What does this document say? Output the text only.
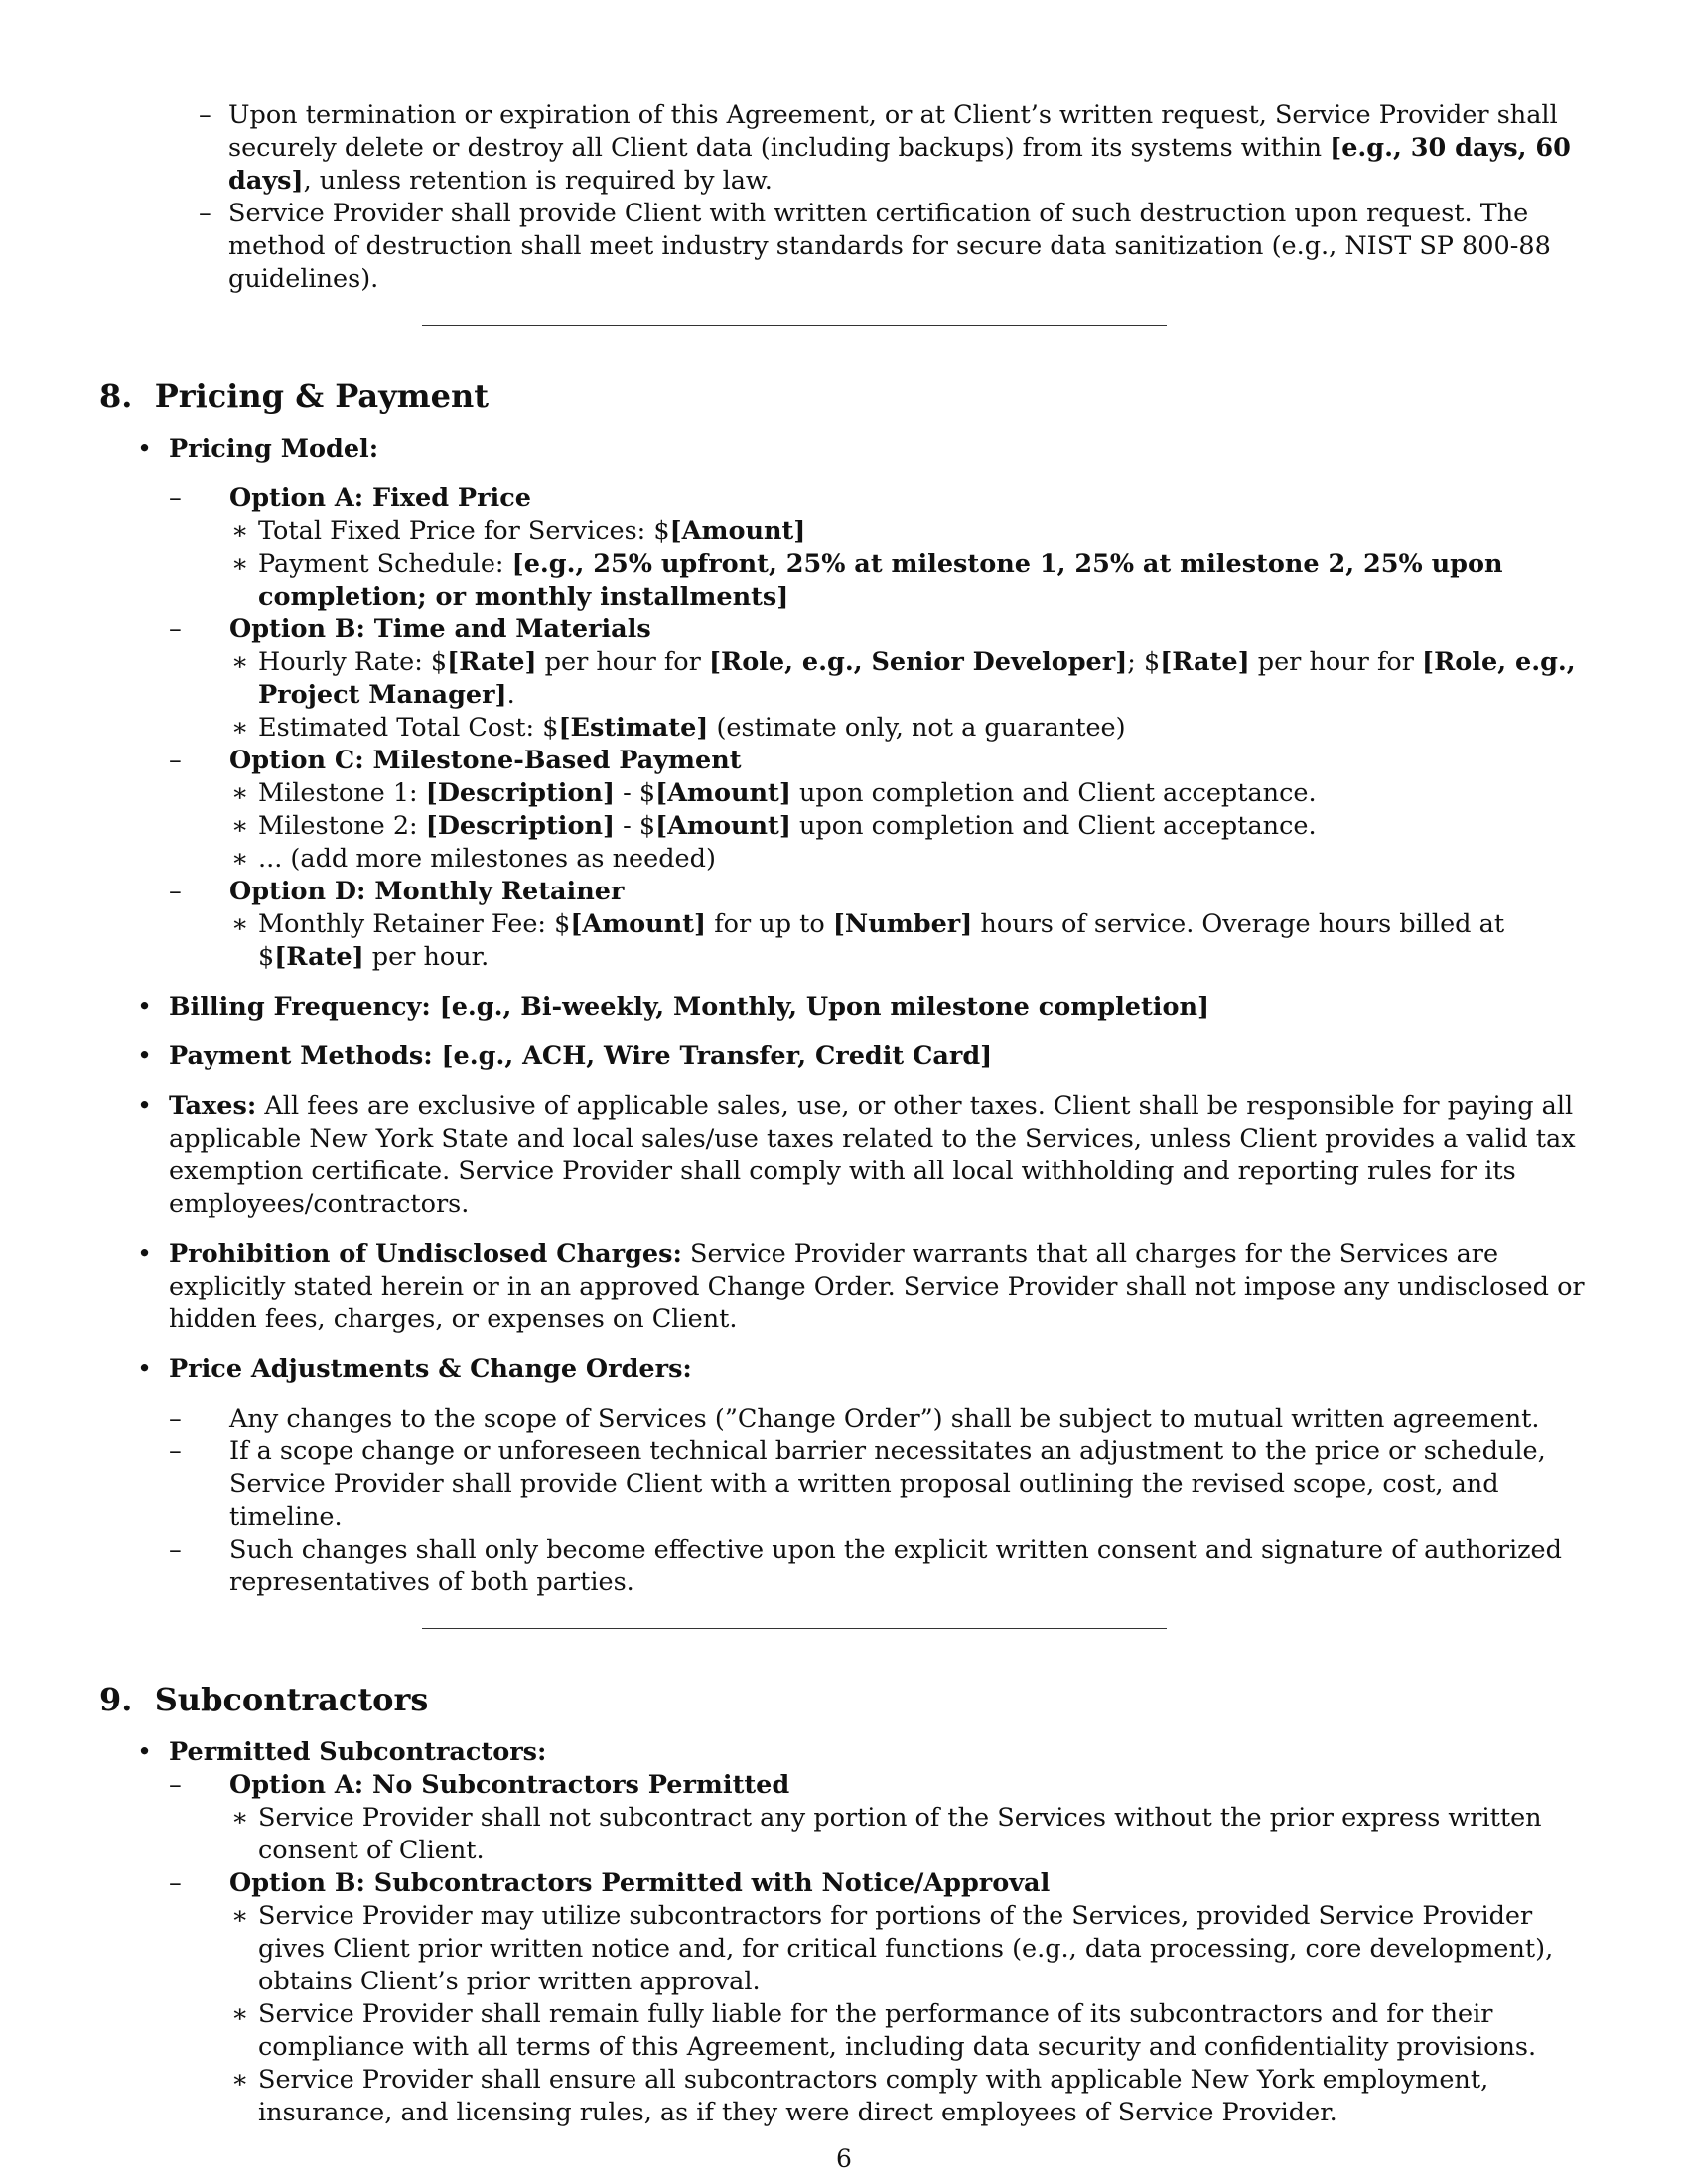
– Upon termination or expiration of this Agreement, or at Client’s written request, Service Provider shall securely delete or destroy all Client data (including backups) from its systems within [e.g., 30 days, 60 days], unless retention is required by law.
– Service Provider shall provide Client with written certification of such destruction upon request. The method of destruction shall meet industry standards for secure data sanitization (e.g., NIST SP 800-88 guidelines).
8. Pricing & Payment
• Pricing Model:
– Option A: Fixed Price
∗ Total Fixed Price for Services: $[Amount]
∗ Payment Schedule: [e.g., 25% upfront, 25% at milestone 1, 25% at milestone 2, 25% upon completion; or monthly installments]
– Option B: Time and Materials
∗ Hourly Rate: $[Rate] per hour for [Role, e.g., Senior Developer]; $[Rate] per hour for [Role, e.g., Project Manager].
∗ Estimated Total Cost: $[Estimate] (estimate only, not a guarantee)
– Option C: Milestone-Based Payment
∗ Milestone 1: [Description] - $[Amount] upon completion and Client acceptance.
∗ Milestone 2: [Description] - $[Amount] upon completion and Client acceptance.
∗ ... (add more milestones as needed)
– Option D: Monthly Retainer
∗ Monthly Retainer Fee: $[Amount] for up to [Number] hours of service. Overage hours billed at $[Rate] per hour.
• Billing Frequency: [e.g., Bi-weekly, Monthly, Upon milestone completion]
• Payment Methods: [e.g., ACH, Wire Transfer, Credit Card]
• Taxes: All fees are exclusive of applicable sales, use, or other taxes. Client shall be responsible for paying all applicable New York State and local sales/use taxes related to the Services, unless Client provides a valid tax exemption certificate. Service Provider shall comply with all local withholding and reporting rules for its employees/contractors.
• Prohibition of Undisclosed Charges: Service Provider warrants that all charges for the Services are explicitly stated herein or in an approved Change Order. Service Provider shall not impose any undisclosed or hidden fees, charges, or expenses on Client.
• Price Adjustments & Change Orders:
– Any changes to the scope of Services (”Change Order”) shall be subject to mutual written agreement.
– If a scope change or unforeseen technical barrier necessitates an adjustment to the price or schedule, Service Provider shall provide Client with a written proposal outlining the revised scope, cost, and timeline.
– Such changes shall only become effective upon the explicit written consent and signature of authorized representatives of both parties.
9. Subcontractors
• Permitted Subcontractors:
– Option A: No Subcontractors Permitted
∗ Service Provider shall not subcontract any portion of the Services without the prior express written consent of Client.
– Option B: Subcontractors Permitted with Notice/Approval
∗ Service Provider may utilize subcontractors for portions of the Services, provided Service Provider gives Client prior written notice and, for critical functions (e.g., data processing, core development), obtains Client’s prior written approval.
∗ Service Provider shall remain fully liable for the performance of its subcontractors and for their compliance with all terms of this Agreement, including data security and confidentiality provisions.
∗ Service Provider shall ensure all subcontractors comply with applicable New York employment, insurance, and licensing rules, as if they were direct employees of Service Provider.
6
